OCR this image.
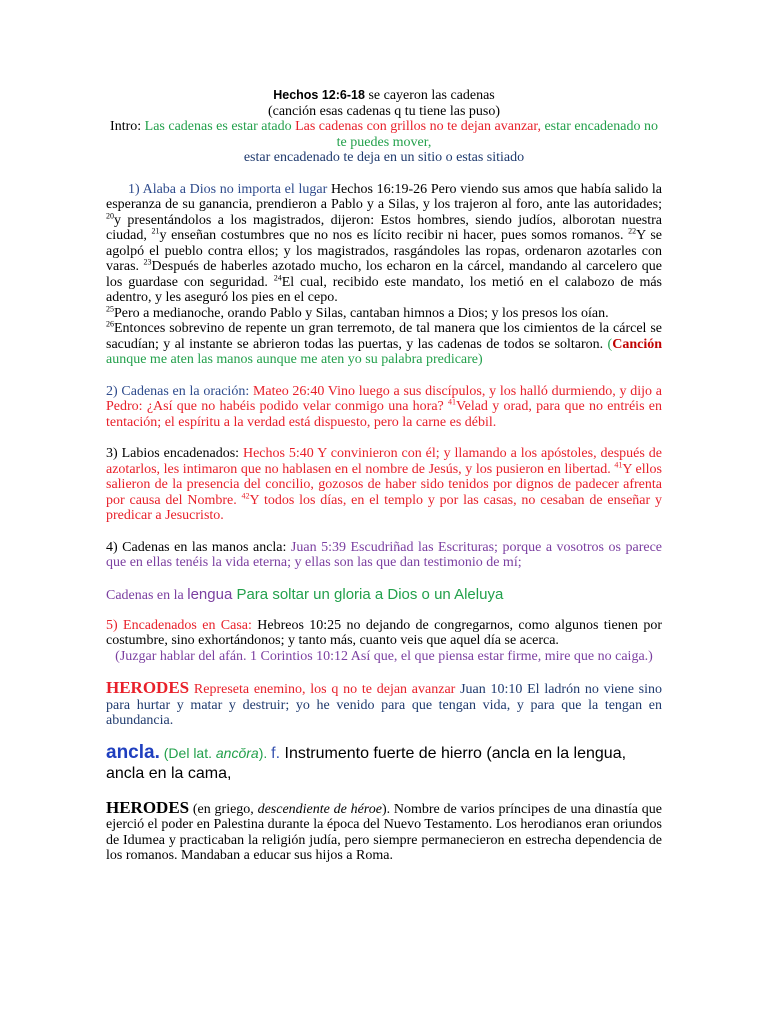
Hechos 12:6-18 se cayeron las cadenas

(canción esas cadenas q tu tiene las puso)

Intro: Las cadenas es estar atado Las cadenas con grillos no te dejan avanzar, estar encadenado no te puedes mover,

estar encadenado te deja en un sitio o estas sitiado

1) Alaba a Dios no importa el lugar Hechos 16:19-26 Pero viendo sus amos que había salido la esperanza de su ganancia, prendieron a Pablo y a Silas, y los trajeron al foro, ante las autoridades; $^{20}$y presentándolos a los magistrados, dijeron: Estos hombres, siendo judíos, alborotan nuestra ciudad, $^{21}$y enseñan costumbres que no nos es lícito recibir ni hacer, pues somos romanos. $^{22}$Y se agolpó el pueblo contra ellos; y los magistrados, rasgándoles las ropas, ordenaron azotarles con varas. $^{23}$Después de haberles azotado mucho, los echaron en la cárcel, mandando al carcelero que los guardase con seguridad. $^{24}$El cual, recibido este mandato, los metió en el calabozo de más adentro, y les aseguró los pies en el cepo.
$^{25}$Pero a medianoche, orando Pablo y Silas, cantaban himnos a Dios; y los presos los oían.
$^{26}$Entonces sobrevino de repente un gran terremoto, de tal manera que los cimientos de la cárcel se sacudían; y al instante se abrieron todas las puertas, y las cadenas de todos se soltaron. (Canción aunque me aten las manos aunque me aten yo su palabra predicare)

2) Cadenas en la oración: Mateo 26:40 Vino luego a sus discípulos, y los halló durmiendo, y dijo a Pedro: ¿Así que no habéis podido velar conmigo una hora? $^{41}$Velad y orad, para que no entréis en tentación; el espíritu a la verdad está dispuesto, pero la carne es débil.

3) Labios encadenados: Hechos 5:40 Y convinieron con él; y llamando a los apóstoles, después de azotarlos, les intimaron que no hablasen en el nombre de Jesús, y los pusieron en libertad. $^{41}$Y ellos salieron de la presencia del concilio, gozosos de haber sido tenidos por dignos de padecer afrenta por causa del Nombre. $^{42}$Y todos los días, en el templo y por las casas, no cesaban de enseñar y predicar a Jesucristo.

4) Cadenas en las manos ancla: Juan 5:39 Escudriñad las Escrituras; porque a vosotros os parece que en ellas tenéis la vida eterna; y ellas son las que dan testimonio de mí;

Cadenas en la lengua Para soltar un gloria a Dios o un Aleluya

5) Encadenados en Casa: Hebreos 10:25 no dejando de congregarnos, como algunos tienen por costumbre, sino exhortándonos; y tanto más, cuanto veis que aquel día se acerca.

(Juzgar hablar del afán. 1 Corintios 10:12 Así que, el que piensa estar firme, mire que no caiga.)

HERODES Represeta enemino, los q no te dejan avanzar Juan 10:10 El ladrón no viene sino para hurtar y matar y destruir; yo he venido para que tengan vida, y para que la tengan en abundancia.

ancla. (Del lat. ancŏra). f. Instrumento fuerte de hierro (ancla en la lengua, ancla en la cama,

HERODES (en griego, descendiente de héroe). Nombre de varios príncipes de una dinastía que ejerció el poder en Palestina durante la época del Nuevo Testamento. Los herodianos eran oriundos de Idumea y practicaban la religión judía, pero siempre permanecieron en estrecha dependencia de los romanos. Mandaban a educar sus hijos a Roma.
